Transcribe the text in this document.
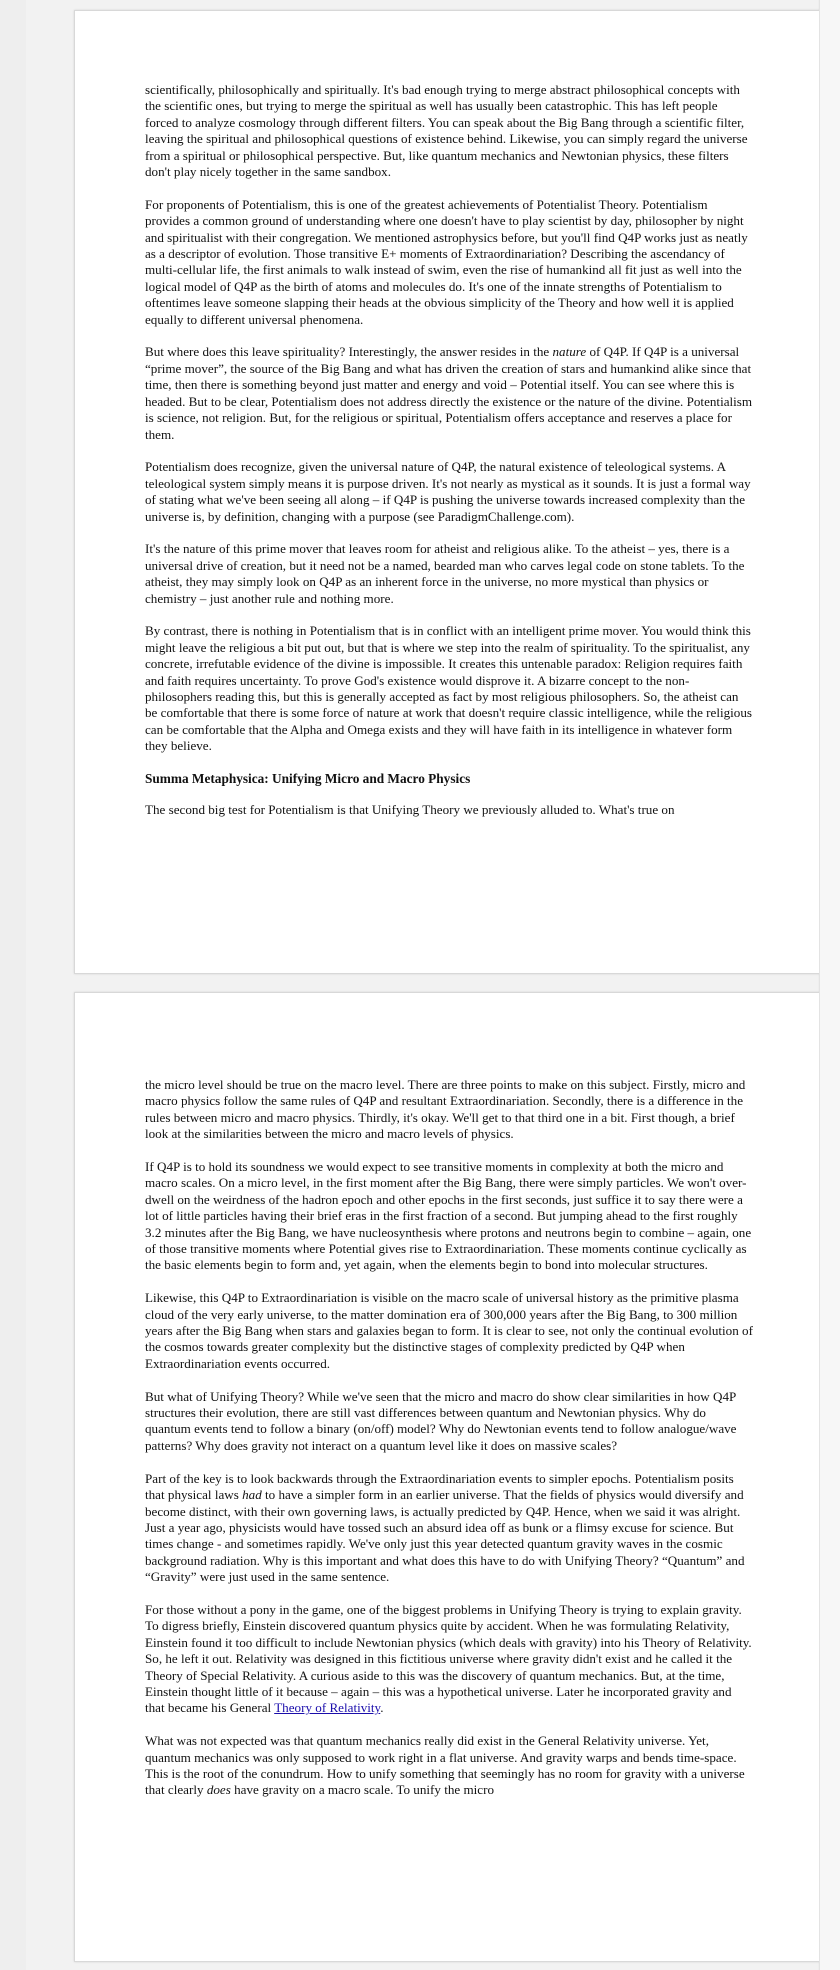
scientifically, philosophically and spiritually. It's bad enough trying to merge abstract philosophical concepts with the scientific ones, but trying to merge the spiritual as well has usually been catastrophic. This has left people forced to analyze cosmology through different filters. You can speak about the Big Bang through a scientific filter, leaving the spiritual and philosophical questions of existence behind. Likewise, you can simply regard the universe from a spiritual or philosophical perspective. But, like quantum mechanics and Newtonian physics, these filters don't play nicely together in the same sandbox.

For proponents of Potentialism, this is one of the greatest achievements of Potentialist Theory. Potentialism provides a common ground of understanding where one doesn't have to play scientist by day, philosopher by night and spiritualist with their congregation. We mentioned astrophysics before, but you'll find Q4P works just as neatly as a descriptor of evolution. Those transitive E+ moments of Extraordinariation? Describing the ascendancy of multi-cellular life, the first animals to walk instead of swim, even the rise of humankind all fit just as well into the logical model of Q4P as the birth of atoms and molecules do. It's one of the innate strengths of Potentialism to oftentimes leave someone slapping their heads at the obvious simplicity of the Theory and how well it is applied equally to different universal phenomena.

But where does this leave spirituality? Interestingly, the answer resides in the nature of Q4P. If Q4P is a universal “prime mover”, the source of the Big Bang and what has driven the creation of stars and humankind alike since that time, then there is something beyond just matter and energy and void – Potential itself. You can see where this is headed. But to be clear, Potentialism does not address directly the existence or the nature of the divine. Potentialism is science, not religion. But, for the religious or spiritual, Potentialism offers acceptance and reserves a place for them.

Potentialism does recognize, given the universal nature of Q4P, the natural existence of teleological systems. A teleological system simply means it is purpose driven. It's not nearly as mystical as it sounds. It is just a formal way of stating what we've been seeing all along – if Q4P is pushing the universe towards increased complexity than the universe is, by definition, changing with a purpose (see ParadigmChallenge.com).

It's the nature of this prime mover that leaves room for atheist and religious alike. To the atheist – yes, there is a universal drive of creation, but it need not be a named, bearded man who carves legal code on stone tablets. To the atheist, they may simply look on Q4P as an inherent force in the universe, no more mystical than physics or chemistry – just another rule and nothing more.

By contrast, there is nothing in Potentialism that is in conflict with an intelligent prime mover. You would think this might leave the religious a bit put out, but that is where we step into the realm of spirituality. To the spiritualist, any concrete, irrefutable evidence of the divine is impossible. It creates this untenable paradox: Religion requires faith and faith requires uncertainty. To prove God's existence would disprove it. A bizarre concept to the non-philosophers reading this, but this is generally accepted as fact by most religious philosophers. So, the atheist can be comfortable that there is some force of nature at work that doesn't require classic intelligence, while the religious can be comfortable that the Alpha and Omega exists and they will have faith in its intelligence in whatever form they believe.

Summa Metaphysica: Unifying Micro and Macro Physics

The second big test for Potentialism is that Unifying Theory we previously alluded to. What's true on

the micro level should be true on the macro level. There are three points to make on this subject. Firstly, micro and macro physics follow the same rules of Q4P and resultant Extraordinariation. Secondly, there is a difference in the rules between micro and macro physics. Thirdly, it's okay. We'll get to that third one in a bit. First though, a brief look at the similarities between the micro and macro levels of physics.

If Q4P is to hold its soundness we would expect to see transitive moments in complexity at both the micro and macro scales. On a micro level, in the first moment after the Big Bang, there were simply particles. We won't over-dwell on the weirdness of the hadron epoch and other epochs in the first seconds, just suffice it to say there were a lot of little particles having their brief eras in the first fraction of a second. But jumping ahead to the first roughly 3.2 minutes after the Big Bang, we have nucleosynthesis where protons and neutrons begin to combine – again, one of those transitive moments where Potential gives rise to Extraordinariation. These moments continue cyclically as the basic elements begin to form and, yet again, when the elements begin to bond into molecular structures.

Likewise, this Q4P to Extraordinariation is visible on the macro scale of universal history as the primitive plasma cloud of the very early universe, to the matter domination era of 300,000 years after the Big Bang, to 300 million years after the Big Bang when stars and galaxies began to form. It is clear to see, not only the continual evolution of the cosmos towards greater complexity but the distinctive stages of complexity predicted by Q4P when Extraordinariation events occurred.

But what of Unifying Theory? While we've seen that the micro and macro do show clear similarities in how Q4P structures their evolution, there are still vast differences between quantum and Newtonian physics. Why do quantum events tend to follow a binary (on/off) model? Why do Newtonian events tend to follow analogue/wave patterns? Why does gravity not interact on a quantum level like it does on massive scales?

Part of the key is to look backwards through the Extraordinariation events to simpler epochs. Potentialism posits that physical laws had to have a simpler form in an earlier universe. That the fields of physics would diversify and become distinct, with their own governing laws, is actually predicted by Q4P. Hence, when we said it was alright. Just a year ago, physicists would have tossed such an absurd idea off as bunk or a flimsy excuse for science. But times change - and sometimes rapidly. We've only just this year detected quantum gravity waves in the cosmic background radiation. Why is this important and what does this have to do with Unifying Theory? “Quantum” and “Gravity” were just used in the same sentence.

For those without a pony in the game, one of the biggest problems in Unifying Theory is trying to explain gravity. To digress briefly, Einstein discovered quantum physics quite by accident. When he was formulating Relativity, Einstein found it too difficult to include Newtonian physics (which deals with gravity) into his Theory of Relativity. So, he left it out. Relativity was designed in this fictitious universe where gravity didn't exist and he called it the Theory of Special Relativity. A curious aside to this was the discovery of quantum mechanics. But, at the time, Einstein thought little of it because – again – this was a hypothetical universe. Later he incorporated gravity and that became his General Theory of Relativity.

What was not expected was that quantum mechanics really did exist in the General Relativity universe. Yet, quantum mechanics was only supposed to work right in a flat universe. And gravity warps and bends time-space. This is the root of the conundrum. How to unify something that seemingly has no room for gravity with a universe that clearly does have gravity on a macro scale. To unify the micro
